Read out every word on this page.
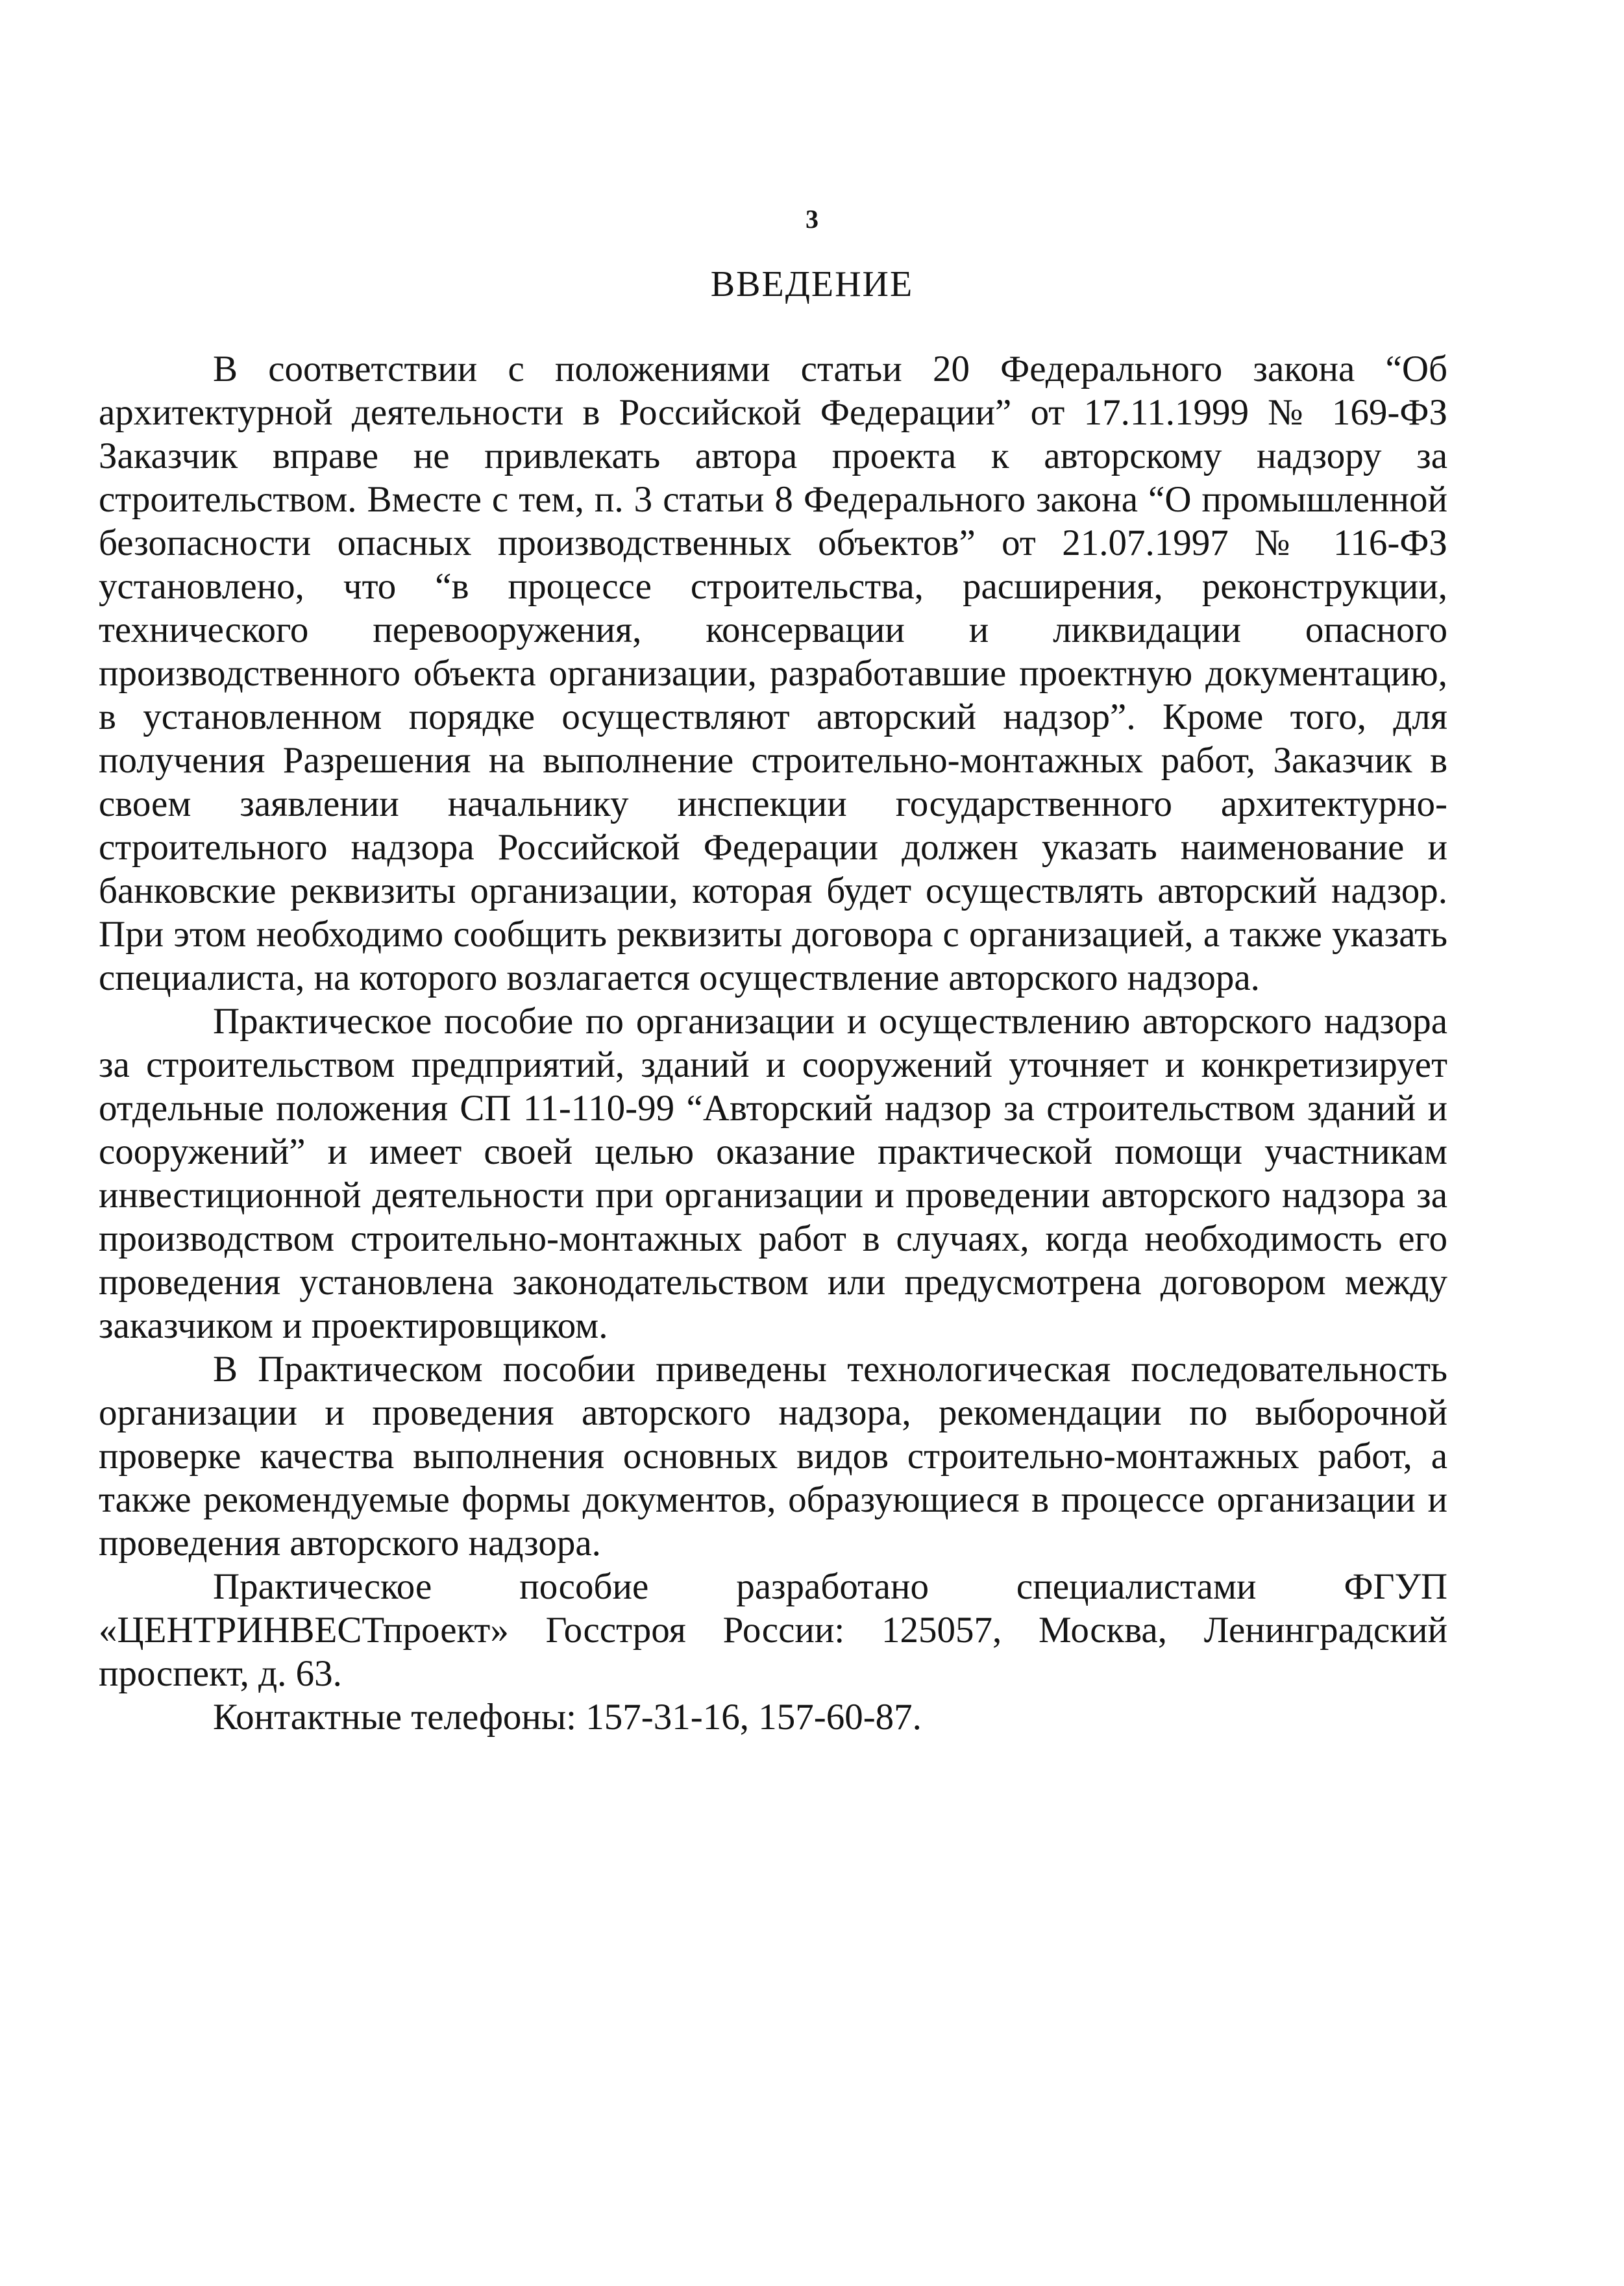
3
ВВЕДЕНИЕ

В соответствии с положениями статьи 20 Федерального закона “Об архитектурной деятельности в Российской Федерации” от 17.11.1999 № 169-ФЗ Заказчик вправе не привлекать автора проекта к авторскому надзору за строительством. Вместе с тем, п. 3 статьи 8 Федерального закона “О промышленной безопасности опасных производственных объектов” от 21.07.1997 № 116-ФЗ установлено, что “в процессе строительства, расширения, реконструкции, технического перевооружения, консервации и ликвидации опасного производственного объекта организации, разработавшие проектную документацию, в установленном порядке осуществляют авторский надзор”. Кроме того, для получения Разрешения на выполнение строительно-монтажных работ, Заказчик в своем заявлении начальнику инспекции государственного архитектурно-строительного надзора Российской Федерации должен указать наименование и банковские реквизиты организации, которая будет осуществлять авторский надзор. При этом необходимо сообщить реквизиты договора с организацией, а также указать специалиста, на которого возлагается осуществление авторского надзора.

Практическое пособие по организации и осуществлению авторского надзора за строительством предприятий, зданий и сооружений уточняет и конкретизирует отдельные положения СП 11-110-99 “Авторский надзор за строительством зданий и сооружений” и имеет своей целью оказание практической помощи участникам инвестиционной деятельности при организации и проведении авторского надзора за производством строительно-монтажных работ в случаях, когда необходимость его проведения установлена законодательством или предусмотрена договором между заказчиком и проектировщиком.

В Практическом пособии приведены технологическая последовательность организации и проведения авторского надзора, рекомендации по выборочной проверке качества выполнения основных видов строительно-монтажных работ, а также рекомендуемые формы документов, образующиеся в процессе организации и проведения авторского надзора.

Практическое пособие разработано специалистами ФГУП «ЦЕНТРИНВЕСТпроект» Госстроя России: 125057, Москва, Ленинградский проспект, д. 63.

Контактные телефоны: 157-31-16, 157-60-87.
